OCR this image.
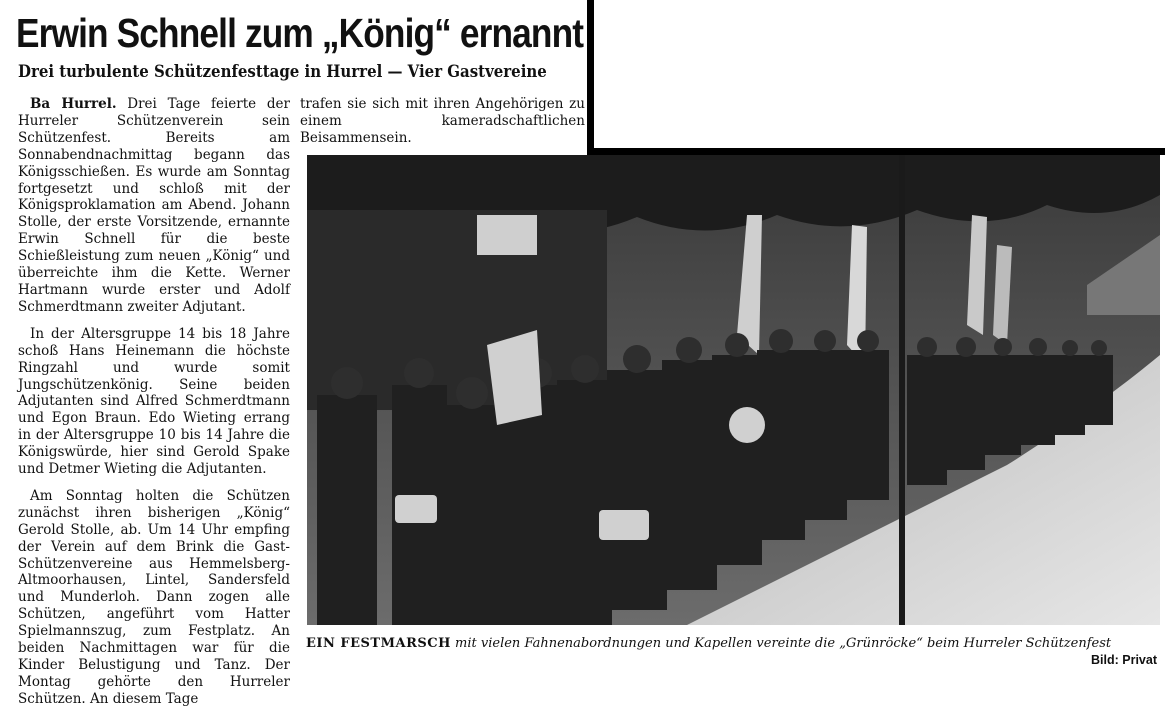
Erwin Schnell zum „König“ ernannt
Drei turbulente Schützenfesttage in Hurrel — Vier Gastvereine

Ba Hurrel. Drei Tage feierte der Hurreler Schützenverein sein Schützenfest. Bereits am Sonnabendnachmittag begann das Königsschießen. Es wurde am Sonntag fortgesetzt und schloß mit der Königsproklamation am Abend. Johann Stolle, der erste Vorsitzende, ernannte Erwin Schnell für die beste Schießleistung zum neuen „König“ und überreichte ihm die Kette. Werner Hartmann wurde erster und Adolf Schmerdtmann zweiter Adjutant.

In der Altersgruppe 14 bis 18 Jahre schoß Hans Heinemann die höchste Ringzahl und wurde somit Jungschützenkönig. Seine beiden Adjutanten sind Alfred Schmerdtmann und Egon Braun. Edo Wieting errang in der Altersgruppe 10 bis 14 Jahre die Königswürde, hier sind Gerold Spake und Detmer Wieting die Adjutanten.

Am Sonntag holten die Schützen zunächst ihren bisherigen „König“ Gerold Stolle, ab. Um 14 Uhr empfing der Verein auf dem Brink die Gast-Schützenvereine aus Hemmelsberg-Altmoorhausen, Lintel, Sandersfeld und Munderloh. Dann zogen alle Schützen, angeführt vom Hatter Spielmannszug, zum Festplatz. An beiden Nachmittagen war für die Kinder Belustigung und Tanz. Der Montag gehörte den Hurreler Schützen. An diesem Tage

trafen sie sich mit ihren Angehörigen zu einem kameradschaftlichen Beisammensein.

EIN FESTMARSCH mit vielen Fahnenabordnungen und Kapellen vereinte die „Grünröcke“ beim Hurreler Schützenfest
Bild: Privat
